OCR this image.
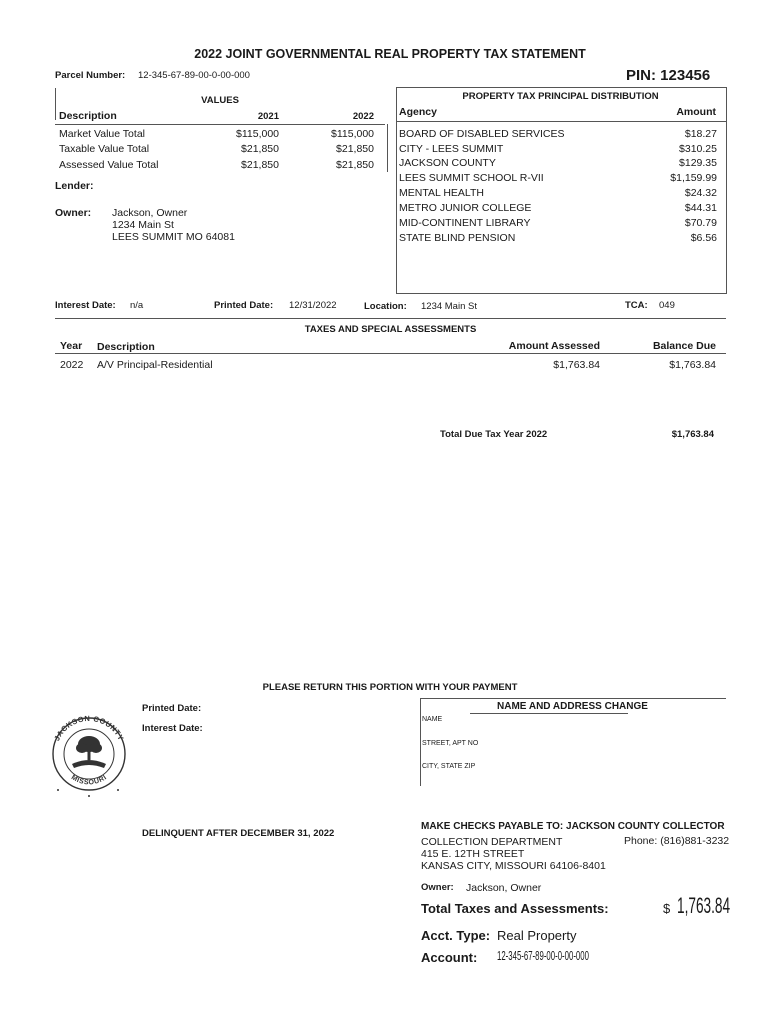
2022 JOINT GOVERNMENTAL REAL PROPERTY TAX STATEMENT
Parcel Number: 12-345-67-89-00-0-00-000	PIN: 123456
VALUES
Description	2021	2022
Market Value Total	$115,000	$115,000
Taxable Value Total	$21,850	$21,850
Assessed Value Total	$21,850	$21,850
Lender:
Owner: Jackson, Owner
1234 Main St
LEES SUMMIT MO 64081
PROPERTY TAX PRINCIPAL DISTRIBUTION
Agency	Amount
BOARD OF DISABLED SERVICES	$18.27
CITY - LEES SUMMIT	$310.25
JACKSON COUNTY	$129.35
LEES SUMMIT SCHOOL R-VII	$1,159.99
MENTAL HEALTH	$24.32
METRO JUNIOR COLLEGE	$44.31
MID-CONTINENT LIBRARY	$70.79
STATE BLIND PENSION	$6.56
Interest Date: n/a	Printed Date: 12/31/2022	Location: 1234 Main St	TCA: 049
TAXES AND SPECIAL ASSESSMENTS
Year Description	Amount Assessed	Balance Due
2022 A/V Principal-Residential	$1,763.84	$1,763.84
Total Due Tax Year 2022	$1,763.84
PLEASE RETURN THIS PORTION WITH YOUR PAYMENT
Printed Date:
Interest Date:
NAME AND ADDRESS CHANGE
NAME
STREET, APT NO
CITY, STATE ZIP
JACKSON COUNTY
MISSOURI
DELINQUENT AFTER DECEMBER 31, 2022
MAKE CHECKS PAYABLE TO: JACKSON COUNTY COLLECTOR
COLLECTION DEPARTMENT	Phone: (816)881-3232
415 E. 12TH STREET
KANSAS CITY, MISSOURI 64106-8401
Owner: Jackson, Owner
Total Taxes and Assessments:	$ 1,763.84
Acct. Type: Real Property
Account: 12-345-67-89-00-0-00-000
